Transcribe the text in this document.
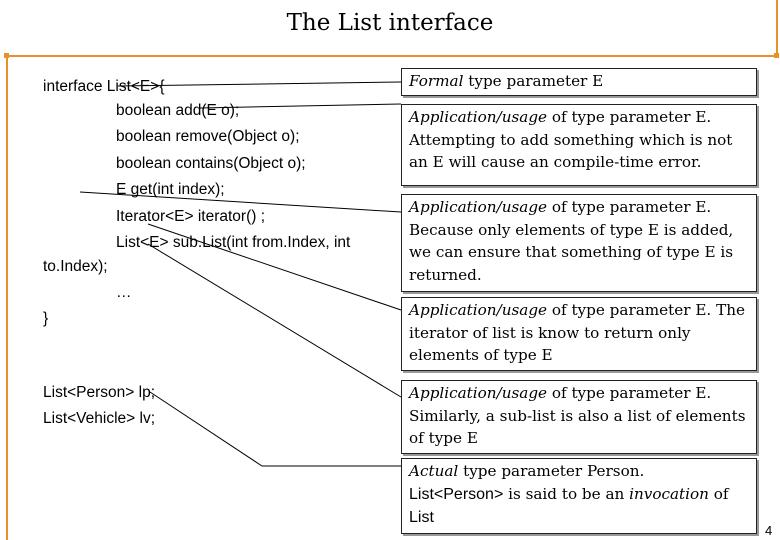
The List interface
interface List<E>{
boolean add(E o);
boolean remove(Object o);
boolean contains(Object o);
E get(int index);
Iterator<E> iterator() ;
List<E> sub.List(int from.Index, int
to.Index);
…
}
List<Person> lp;
List<Vehicle> lv;
Formal type parameter E
Application/usage of type parameter E. Attempting to add something which is not an E will cause an compile-time error.
Application/usage of type parameter E. Because only elements of type E is added, we can ensure that something of type E is returned.
Application/usage of type parameter E. The iterator of list is know to return only elements of type E
Application/usage of type parameter E. Similarly, a sub-list is also a list of elements of type E
Actual type parameter Person.
List<Person> is said to be an invocation of
List
4
